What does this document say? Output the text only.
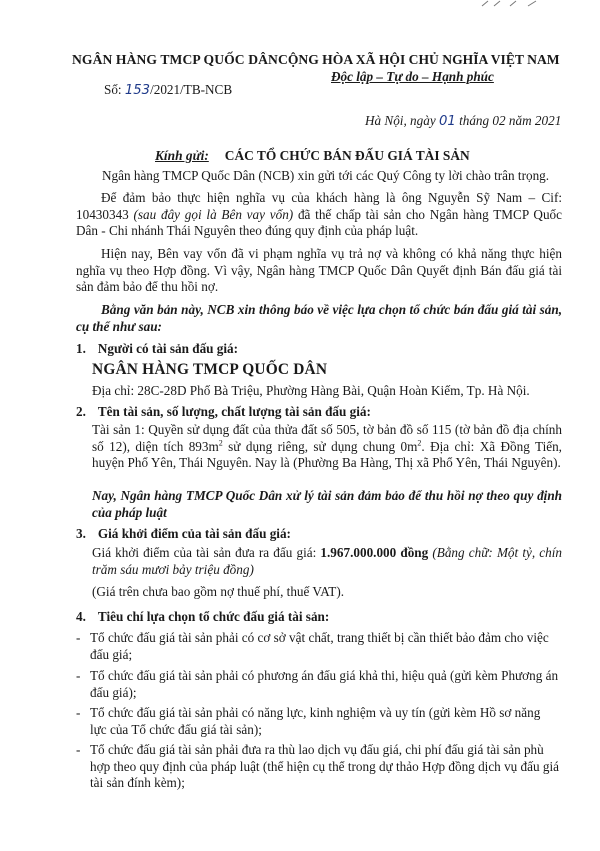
NGÂN HÀNG TMCP QUỐC DÂN
Số: 153/2021/TB-NCB
CỘNG HÒA XÃ HỘI CHỦ NGHĨA VIỆT NAM
Độc lập – Tự do – Hạnh phúc
Hà Nội, ngày 01 tháng 02 năm 2021
Kính gửi: CÁC TỔ CHỨC BÁN ĐẤU GIÁ TÀI SẢN
Ngân hàng TMCP Quốc Dân (NCB) xin gửi tới các Quý Công ty lời chào trân trọng.
Để đảm bảo thực hiện nghĩa vụ của khách hàng là ông Nguyễn Sỹ Nam – Cif: 10430343 (sau đây gọi là Bên vay vốn) đã thế chấp tài sản cho Ngân hàng TMCP Quốc Dân - Chi nhánh Thái Nguyên theo đúng quy định của pháp luật.
Hiện nay, Bên vay vốn đã vi phạm nghĩa vụ trả nợ và không có khả năng thực hiện nghĩa vụ theo Hợp đồng. Vì vậy, Ngân hàng TMCP Quốc Dân Quyết định Bán đấu giá tài sản đảm bảo để thu hồi nợ.
Bằng văn bản này, NCB xin thông báo về việc lựa chọn tổ chức bán đấu giá tài sản, cụ thể như sau:
1. Người có tài sản đấu giá:
NGÂN HÀNG TMCP QUỐC DÂN
Địa chỉ: 28C-28D Phố Bà Triệu, Phường Hàng Bài, Quận Hoàn Kiếm, Tp. Hà Nội.
2. Tên tài sản, số lượng, chất lượng tài sản đấu giá:
Tài sản 1: Quyền sử dụng đất của thửa đất số 505, tờ bản đồ số 115 (tờ bản đồ địa chính số 12), diện tích $893m^2$ sử dụng riêng, sử dụng chung $0m^2$. Địa chỉ: Xã Đồng Tiến, huyện Phổ Yên, Thái Nguyên. Nay là (Phường Ba Hàng, Thị xã Phổ Yên, Thái Nguyên).
Nay, Ngân hàng TMCP Quốc Dân xử lý tài sản đảm bảo để thu hồi nợ theo quy định của pháp luật
3. Giá khởi điểm của tài sản đấu giá:
Giá khởi điểm của tài sản đưa ra đấu giá: 1.967.000.000 đồng (Bằng chữ: Một tỷ, chín trăm sáu mươi bảy triệu đồng)
(Giá trên chưa bao gồm nợ thuế phí, thuế VAT).
4. Tiêu chí lựa chọn tổ chức đấu giá tài sản:
- Tổ chức đấu giá tài sản phải có cơ sở vật chất, trang thiết bị cần thiết bảo đảm cho việc đấu giá;
- Tổ chức đấu giá tài sản phải có phương án đấu giá khả thi, hiệu quả (gửi kèm Phương án đấu giá);
- Tổ chức đấu giá tài sản phải có năng lực, kinh nghiệm và uy tín (gửi kèm Hồ sơ năng lực của Tổ chức đấu giá tài sản);
- Tổ chức đấu giá tài sản phải đưa ra thù lao dịch vụ đấu giá, chi phí đấu giá tài sản phù hợp theo quy định của pháp luật (thể hiện cụ thể trong dự thảo Hợp đồng dịch vụ đấu giá tài sản đính kèm);
